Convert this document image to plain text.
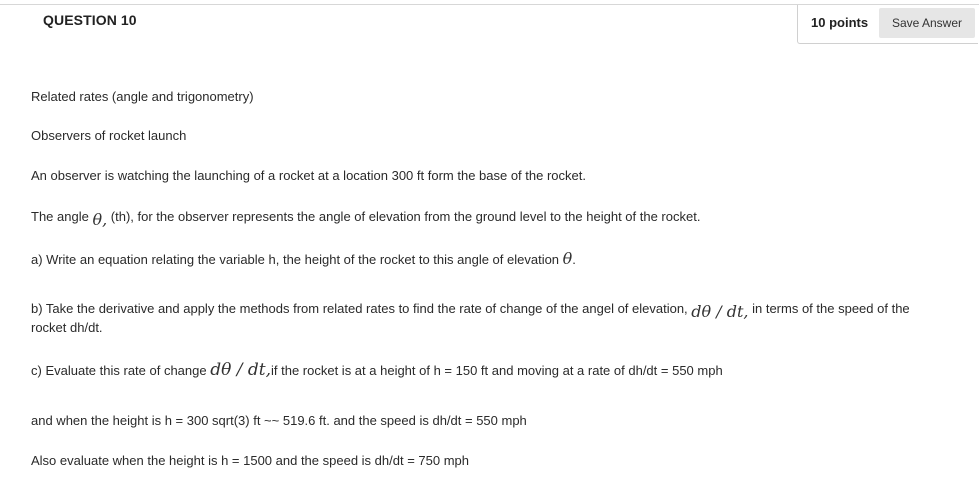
QUESTION 10	10 points	Save Answer
Related rates (angle and trigonometry)
Observers of rocket launch
An observer is watching the launching of a rocket at a location 300 ft form the base of the rocket.
The angle θ, (th), for the observer represents the angle of elevation from the ground level to the height of the rocket.
a) Write an equation relating the variable h, the height of the rocket to this angle of elevation θ.
b) Take the derivative and apply the methods from related rates to find the rate of change of the angel of elevation, dθ / dt, in terms of the speed of the
rocket dh/dt.
c) Evaluate this rate of change dθ / dt,if the rocket is at a height of h = 150 ft and moving at a rate of dh/dt = 550 mph
and when the height is h = 300 sqrt(3) ft ~~ 519.6 ft. and the speed is dh/dt = 550 mph
Also evaluate when the height is h = 1500 and the speed is dh/dt = 750 mph
